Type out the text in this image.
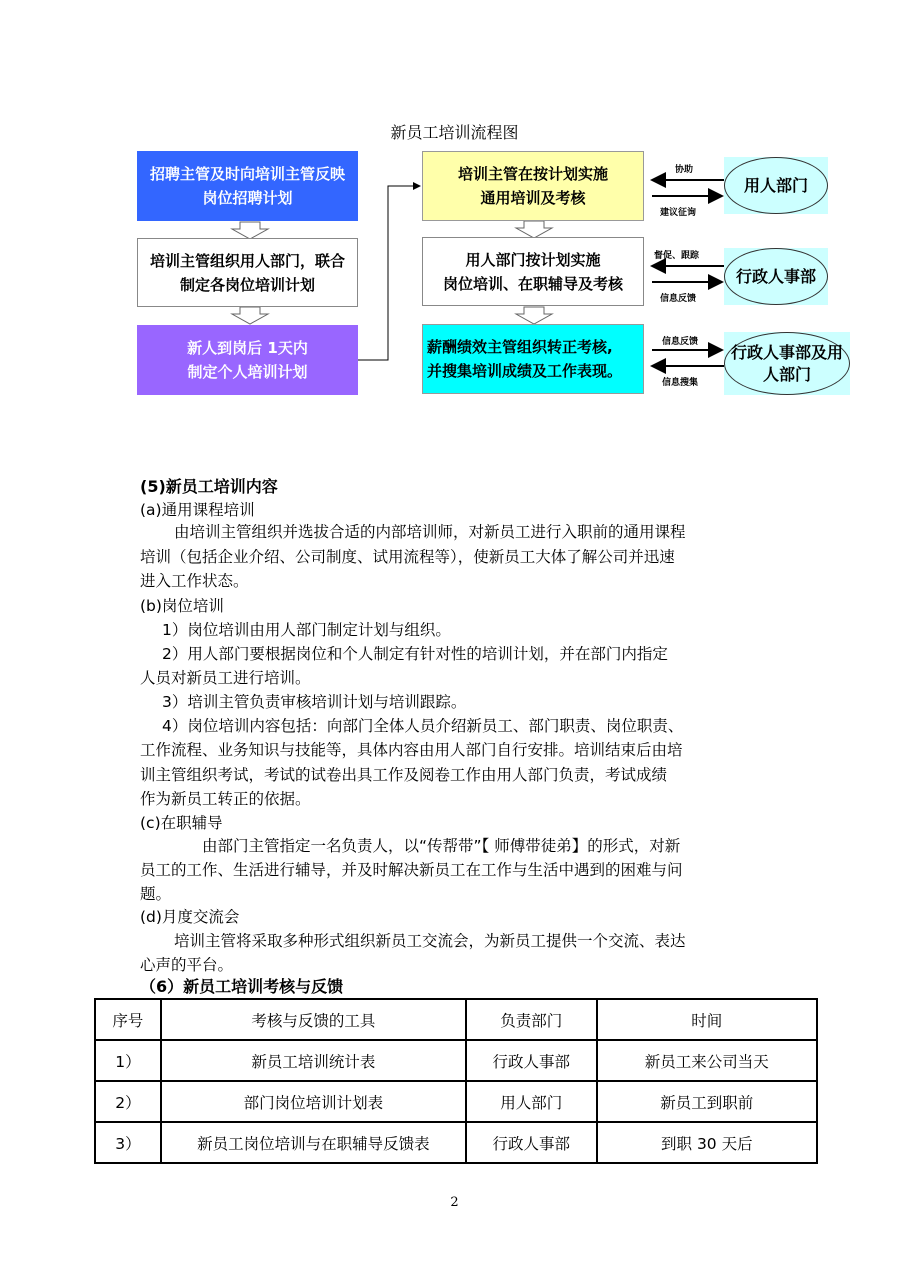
新员工培训流程图
招聘主管及时向培训主管反映
岗位招聘计划
培训主管组织用人部门，联合
制定各岗位培训计划
新人到岗后 1天内
制定个人培训计划
培训主管在按计划实施
通用培训及考核
用人部门按计划实施
岗位培训、在职辅导及考核
薪酬绩效主管组织转正考核,
并搜集培训成绩及工作表现。
用人部门
行政人事部
行政人事部及用
人部门
协助
建议征询
督促、跟踪
信息反馈
信息反馈
信息搜集
(5)新员工培训内容
(a)通用课程培训
由培训主管组织并选拔合适的内部培训师，对新员工进行入职前的通用课程
培训（包括企业介绍、公司制度、试用流程等），使新员工大体了解公司并迅速
进入工作状态。
(b)岗位培训
1）岗位培训由用人部门制定计划与组织。
2）用人部门要根据岗位和个人制定有针对性的培训计划，并在部门内指定
人员对新员工进行培训。
3）培训主管负责审核培训计划与培训跟踪。
4）岗位培训内容包括：向部门全体人员介绍新员工、部门职责、岗位职责、
工作流程、业务知识与技能等，具体内容由用人部门自行安排。培训结束后由培
训主管组织考试，考试的试卷出具工作及阅卷工作由用人部门负责，考试成绩
作为新员工转正的依据。
(c)在职辅导
由部门主管指定一名负责人，以“传帮带”【 师傅带徒弟】的形式，对新
员工的工作、生活进行辅导，并及时解决新员工在工作与生活中遇到的困难与问
题。
(d)月度交流会
培训主管将采取多种形式组织新员工交流会，为新员工提供一个交流、表达
心声的平台。
（6）新员工培训考核与反馈
序号	考核与反馈的工具	负责部门	时间
1）	新员工培训统计表	行政人事部	新员工来公司当天
2）	部门岗位培训计划表	用人部门	新员工到职前
3）	新员工岗位培训与在职辅导反馈表	行政人事部	到职 30 天后
2
